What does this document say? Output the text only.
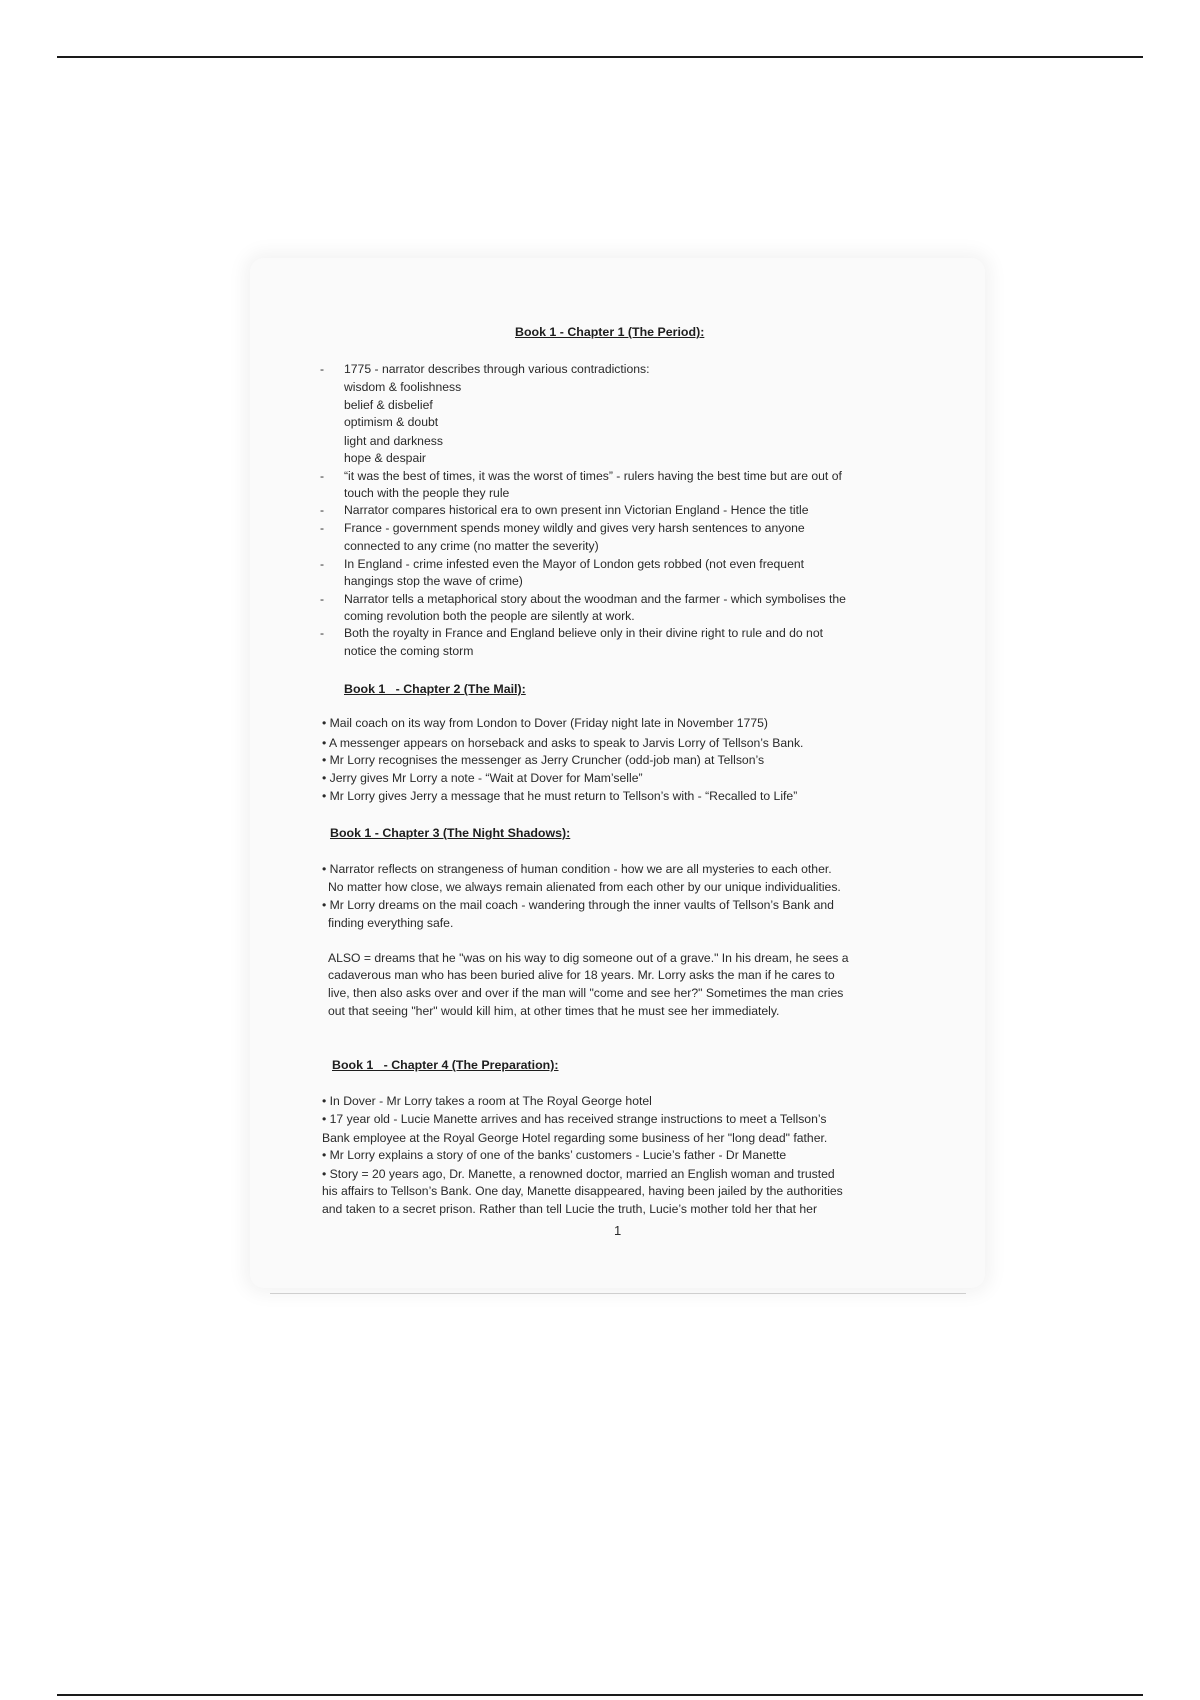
Book 1 - Chapter 1 (The Period):
- 1775 - narrator describes through various contradictions:
wisdom & foolishness
belief & disbelief
optimism & doubt
light and darkness
hope & despair
- “it was the best of times, it was the worst of times” - rulers having the best time but are out of
touch with the people they rule
- Narrator compares historical era to own present inn Victorian England - Hence the title
- France - government spends money wildly and gives very harsh sentences to anyone
connected to any crime (no matter the severity)
- In England - crime infested even the Mayor of London gets robbed (not even frequent
hangings stop the wave of crime)
- Narrator tells a metaphorical story about the woodman and the farmer - which symbolises the
coming revolution both the people are silently at work.
- Both the royalty in France and England believe only in their divine right to rule and do not
notice the coming storm
Book 1   - Chapter 2 (The Mail):
• Mail coach on its way from London to Dover (Friday night late in November 1775)
• A messenger appears on horseback and asks to speak to Jarvis Lorry of Tellson’s Bank.
• Mr Lorry recognises the messenger as Jerry Cruncher (odd-job man) at Tellson’s
• Jerry gives Mr Lorry a note - “Wait at Dover for Mam’selle”
• Mr Lorry gives Jerry a message that he must return to Tellson’s with - “Recalled to Life”
Book 1 - Chapter 3 (The Night Shadows):
• Narrator reflects on strangeness of human condition - how we are all mysteries to each other.
No matter how close, we always remain alienated from each other by our unique individualities.
• Mr Lorry dreams on the mail coach - wandering through the inner vaults of Tellson’s Bank and
finding everything safe.
ALSO = dreams that he "was on his way to dig someone out of a grave." In his dream, he sees a
cadaverous man who has been buried alive for 18 years. Mr. Lorry asks the man if he cares to
live, then also asks over and over if the man will "come and see her?" Sometimes the man cries
out that seeing "her" would kill him, at other times that he must see her immediately.
Book 1   - Chapter 4 (The Preparation):
• In Dover - Mr Lorry takes a room at The Royal George hotel
• 17 year old - Lucie Manette arrives and has received strange instructions to meet a Tellson’s
Bank employee at the Royal George Hotel regarding some business of her "long dead" father.
• Mr Lorry explains a story of one of the banks’ customers - Lucie’s father - Dr Manette
• Story = 20 years ago, Dr. Manette, a renowned doctor, married an English woman and trusted
his affairs to Tellson’s Bank. One day, Manette disappeared, having been jailed by the authorities
and taken to a secret prison. Rather than tell Lucie the truth, Lucie’s mother told her that her
1
